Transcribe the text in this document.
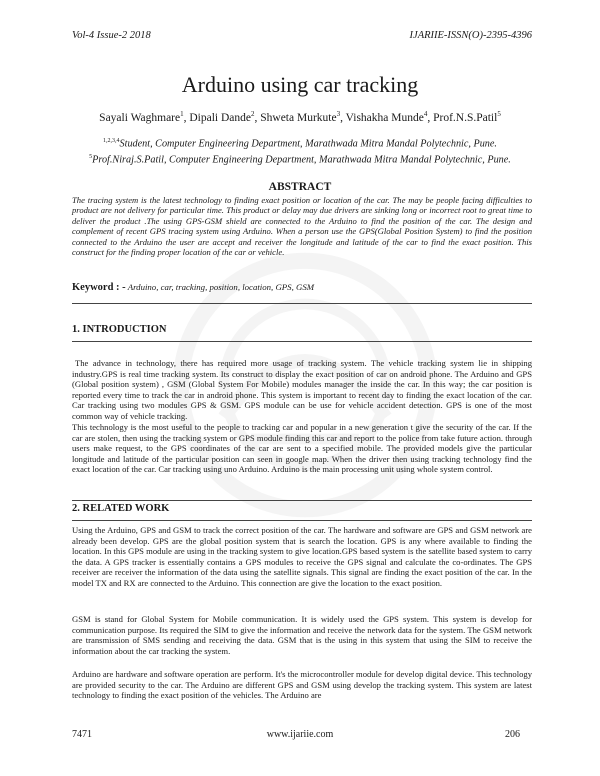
Vol-4 Issue-2 2018	IJARIIE-ISSN(O)-2395-4396
Arduino using car tracking
Sayali Waghmare$^1$, Dipali Dande$^2$, Shweta Murkute$^3$, Vishakha Munde$^4$, Prof.N.S.Patil$^5$
$^{1,2,3,4}$Student, Computer Engineering Department, Marathwada Mitra Mandal Polytechnic, Pune.
$^5$Prof.Niraj.S.Patil, Computer Engineering Department, Marathwada Mitra Mandal Polytechnic, Pune.
ABSTRACT
The tracing system is the latest technology to finding exact position or location of the car. The may be people facing difficulties to product are not delivery for particular time. This product or delay may due drivers are sinking long or incorrect root to great time to deliver the product .The using GPS-GSM shield are connected to the Arduino to find the position of the car. The design and complement of recent GPS tracing system using Arduino. When a person use the GPS(Global Position System) to find the position connected to the Arduino the user are accept and receiver the longitude and latitude of the car to find the exact position. This construct for the finding proper location of the car or vehicle.
Keyword : - Arduino, car, tracking, position, location, GPS, GSM
1. INTRODUCTION

The advance in technology, there has required more usage of tracking system. The vehicle tracking system lie in shipping industry.GPS is real time tracking system. Its construct to display the exact position of car on android phone. The Arduino and GPS (Global position system) , GSM (Global System For Mobile) modules manager the inside the car. In this way; the car position is reported every time to track the car in android phone. This system is important to recent day to finding the exact location of the car. Car tracking using two modules GPS & GSM. GPS module can be use for vehicle accident detection. GPS is one of the most common way of vehicle tracking.

This technology is the most useful to the people to tracking car and popular in a new generation t give the security of the car. If the car are stolen, then using the tracking system or GPS module finding this car and report to the police from take future action. through users make request, to the GPS coordinates of the car are sent to a specified mobile. The provided models give the particular longitude and latitude of the particular position can seen in google map. When the driver then using tracking technology find the exact location of the car. Car tracking using uno Arduino. Arduino is the main processing unit using whole system control.

2. RELATED WORK

Using the Arduino, GPS and GSM to track the correct position of the car. The hardware and software are GPS and GSM network are already been develop. GPS are the global position system that is search the location. GPS is any where available to finding the location. In this GPS module are using in the tracking system to give location.GPS based system is the satellite based system to carry the data. A GPS tracker is essentially contains a GPS modules to receive the GPS signal and calculate the co-ordinates. The GPS receiver are receiver the information of the data using the satellite signals. This signal are finding the exact position of the car. In the model TX and RX are connected to the Arduino. This connection are give the location to the exact position.

GSM is stand for Global System for Mobile communication. It is widely used the GPS system. This system is develop for communication purpose. Its required the SIM to give the information and receive the network data for the system. The GSM network are transmission of SMS sending and receiving the data. GSM that is the using in this system that using the SIM to receive the information about the car tracking the system.

Arduino are hardware and software operation are perform. It's the microcontroller module for develop digital device. This technology are provided security to the car. The Arduino are different GPS and GSM using develop the tracking system. This system are latest technology to finding the exact position of the vehicles. The Arduino are

7471	www.ijariie.com	206
